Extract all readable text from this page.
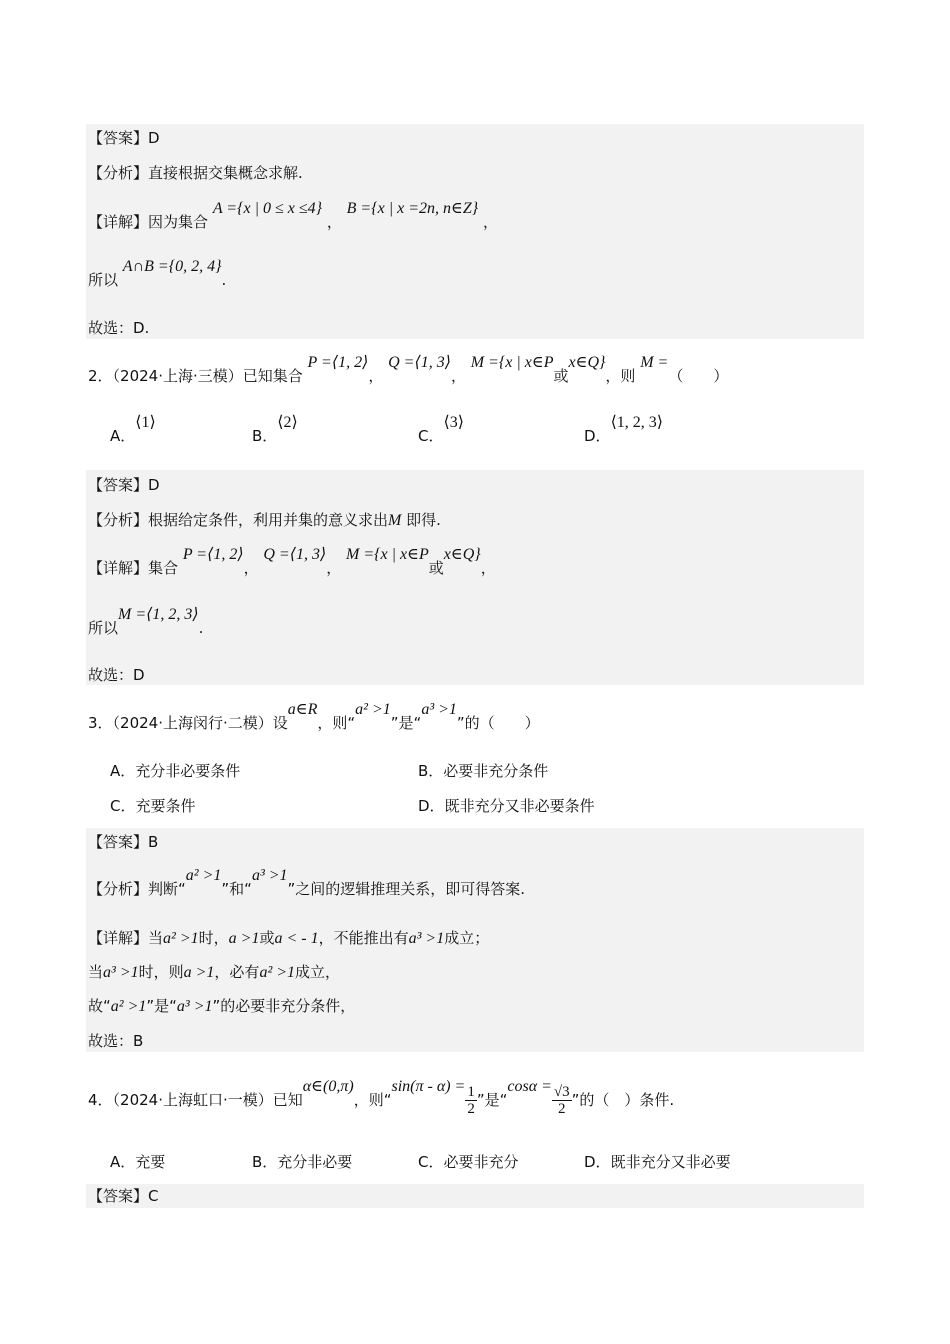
【答案】D
【分析】直接根据交集概念求解.
【详解】因为集合 A ={x | 0 ≤ x ≤4} ， B ={x | x =2n, n∈Z} ，
所以 A∩B ={0, 2, 4}.
故选：D.
2．（2024·上海·三模）已知集合 P =⟨1, 2⟩， Q =⟨1, 3⟩， M ={x | x∈P或x∈Q}，则 M =（　　）
A．⟨1⟩
B．⟨2⟩
C．⟨3⟩
D．⟨1, 2, 3⟩
【答案】D
【分析】根据给定条件，利用并集的意义求出M 即得.
【详解】集合 P =⟨1, 2⟩， Q =⟨1, 3⟩， M ={x | x∈P或x∈Q}，
所以M =⟨1, 2, 3⟩.
故选：D
3．（2024·上海闵行·二模）设a∈R，则“a² >1”是“a³ >1”的（　　）
A．充分非必要条件	B．必要非充分条件
C．充要条件	D．既非充分又非必要条件
【答案】B
【分析】判断“a² >1”和“a³ >1”之间的逻辑推理关系，即可得答案.
【详解】当a² >1时，a >1或a < - 1，不能推出有a³ >1成立；
当a³ >1时，则a >1，必有a² >1成立，
故“a² >1”是“a³ >1”的必要非充分条件，
故选：B
4．（2024·上海虹口·一模）已知α∈(0,π)，则“$\sin(\pi - \alpha) = \frac{1}{2}$ ”是“$\cos\alpha = \frac{√3}{2}$ ”的（　）条件.
A．充要	B．充分非必要	C．必要非充分	D．既非充分又非必要
【答案】C
